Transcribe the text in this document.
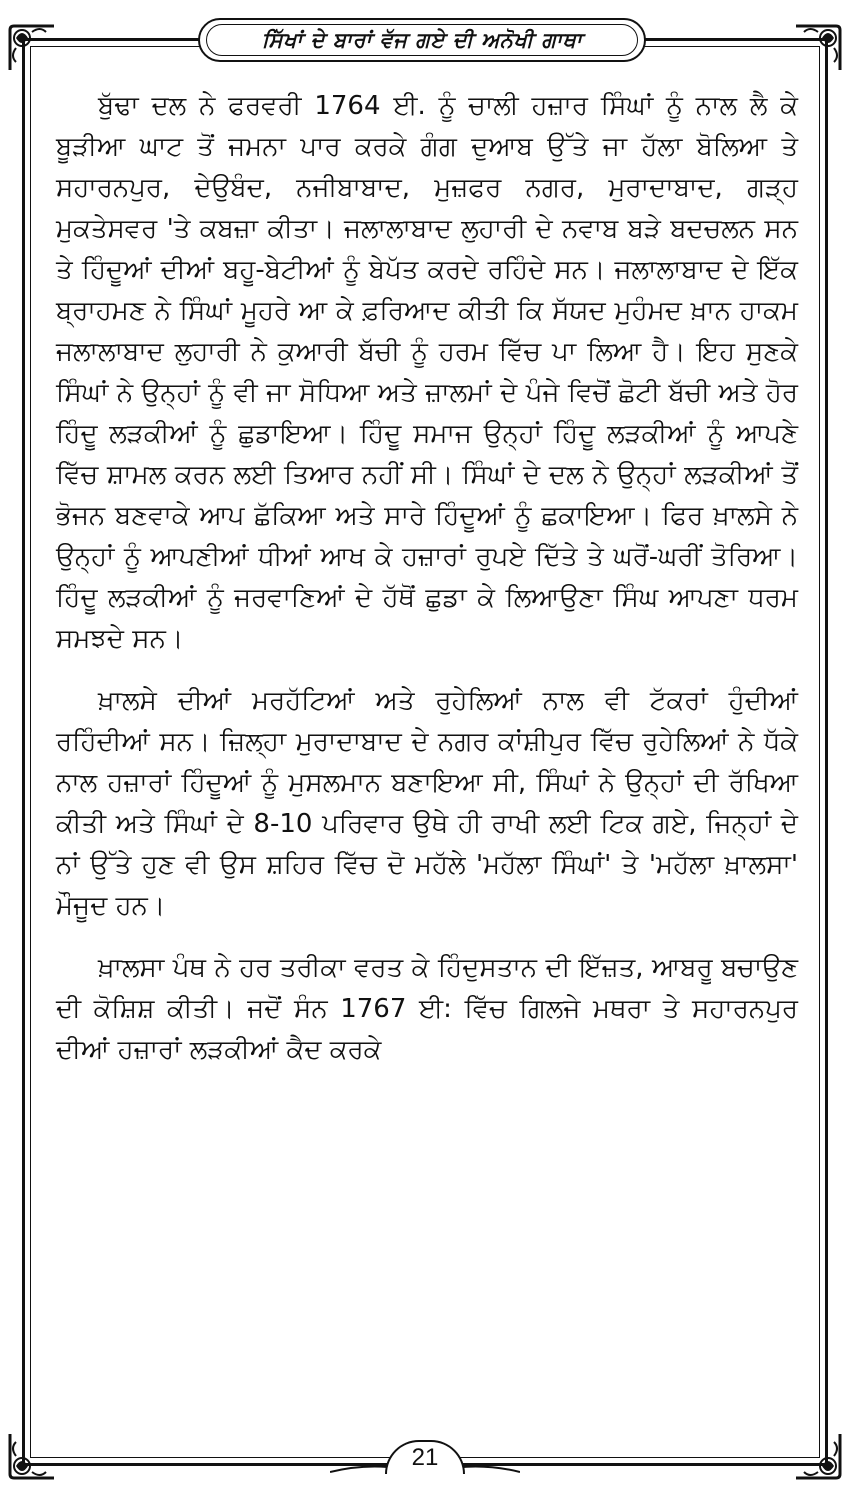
ਸਿੱਖਾਂ ਦੇ ਬਾਰਾਂ ਵੱਜ ਗਏ ਦੀ ਅਨੋਖੀ ਗਾਥਾ

ਬੁੱਢਾ ਦਲ ਨੇ ਫਰਵਰੀ 1764 ਈ. ਨੂੰ ਚਾਲੀ ਹਜ਼ਾਰ ਸਿੰਘਾਂ ਨੂੰ ਨਾਲ ਲੈ ਕੇ ਬੂੜੀਆ ਘਾਟ ਤੋਂ ਜਮਨਾ ਪਾਰ ਕਰਕੇ ਗੰਗ ਦੁਆਬ ਉੱਤੇ ਜਾ ਹੱਲਾ ਬੋਲਿਆ ਤੇ ਸਹਾਰਨਪੁਰ, ਦੇਉਬੰਦ, ਨਜੀਬਾਬਾਦ, ਮੁਜ਼ਫਰ ਨਗਰ, ਮੁਰਾਦਾਬਾਦ, ਗੜ੍ਹ ਮੁਕਤੇਸਵਰ 'ਤੇ ਕਬਜ਼ਾ ਕੀਤਾ। ਜਲਾਲਾਬਾਦ ਲੁਹਾਰੀ ਦੇ ਨਵਾਬ ਬੜੇ ਬਦਚਲਨ ਸਨ ਤੇ ਹਿੰਦੂਆਂ ਦੀਆਂ ਬਹੂ-ਬੇਟੀਆਂ ਨੂੰ ਬੇਪੱਤ ਕਰਦੇ ਰਹਿੰਦੇ ਸਨ। ਜਲਾਲਾਬਾਦ ਦੇ ਇੱਕ ਬ੍ਰਾਹਮਣ ਨੇ ਸਿੰਘਾਂ ਮੂਹਰੇ ਆ ਕੇ ਫ਼ਰਿਆਦ ਕੀਤੀ ਕਿ ਸੱਯਦ ਮੁਹੰਮਦ ਖ਼ਾਨ ਹਾਕਮ ਜਲਾਲਾਬਾਦ ਲੁਹਾਰੀ ਨੇ ਕੁਆਰੀ ਬੱਚੀ ਨੂੰ ਹਰਮ ਵਿੱਚ ਪਾ ਲਿਆ ਹੈ। ਇਹ ਸੁਣਕੇ ਸਿੰਘਾਂ ਨੇ ਉਨ੍ਹਾਂ ਨੂੰ ਵੀ ਜਾ ਸੋਧਿਆ ਅਤੇ ਜ਼ਾਲਮਾਂ ਦੇ ਪੰਜੇ ਵਿਚੋਂ ਛੋਟੀ ਬੱਚੀ ਅਤੇ ਹੋਰ ਹਿੰਦੂ ਲੜਕੀਆਂ ਨੂੰ ਛੁਡਾਇਆ। ਹਿੰਦੂ ਸਮਾਜ ਉਨ੍ਹਾਂ ਹਿੰਦੂ ਲੜਕੀਆਂ ਨੂੰ ਆਪਣੇ ਵਿੱਚ ਸ਼ਾਮਲ ਕਰਨ ਲਈ ਤਿਆਰ ਨਹੀਂ ਸੀ। ਸਿੰਘਾਂ ਦੇ ਦਲ ਨੇ ਉਨ੍ਹਾਂ ਲੜਕੀਆਂ ਤੋਂ ਭੋਜਨ ਬਣਵਾਕੇ ਆਪ ਛੱਕਿਆ ਅਤੇ ਸਾਰੇ ਹਿੰਦੂਆਂ ਨੂੰ ਛਕਾਇਆ। ਫਿਰ ਖ਼ਾਲਸੇ ਨੇ ਉਨ੍ਹਾਂ ਨੂੰ ਆਪਣੀਆਂ ਧੀਆਂ ਆਖ ਕੇ ਹਜ਼ਾਰਾਂ ਰੁਪਏ ਦਿੱਤੇ ਤੇ ਘਰੋਂ-ਘਰੀਂ ਤੋਰਿਆ। ਹਿੰਦੂ ਲੜਕੀਆਂ ਨੂੰ ਜਰਵਾਣਿਆਂ ਦੇ ਹੱਥੋਂ ਛੁਡਾ ਕੇ ਲਿਆਉਣਾ ਸਿੰਘ ਆਪਣਾ ਧਰਮ ਸਮਝਦੇ ਸਨ।

ਖ਼ਾਲਸੇ ਦੀਆਂ ਮਰਹੱਟਿਆਂ ਅਤੇ ਰੁਹੇਲਿਆਂ ਨਾਲ ਵੀ ਟੱਕਰਾਂ ਹੁੰਦੀਆਂ ਰਹਿੰਦੀਆਂ ਸਨ। ਜ਼ਿਲ੍ਹਾ ਮੁਰਾਦਾਬਾਦ ਦੇ ਨਗਰ ਕਾਂਸ਼ੀਪੁਰ ਵਿੱਚ ਰੁਹੇਲਿਆਂ ਨੇ ਧੱਕੇ ਨਾਲ ਹਜ਼ਾਰਾਂ ਹਿੰਦੂਆਂ ਨੂੰ ਮੁਸਲਮਾਨ ਬਣਾਇਆ ਸੀ, ਸਿੰਘਾਂ ਨੇ ਉਨ੍ਹਾਂ ਦੀ ਰੱਖਿਆ ਕੀਤੀ ਅਤੇ ਸਿੰਘਾਂ ਦੇ 8-10 ਪਰਿਵਾਰ ਉਥੇ ਹੀ ਰਾਖੀ ਲਈ ਟਿਕ ਗਏ, ਜਿਨ੍ਹਾਂ ਦੇ ਨਾਂ ਉੱਤੇ ਹੁਣ ਵੀ ਉਸ ਸ਼ਹਿਰ ਵਿੱਚ ਦੋ ਮਹੱਲੇ 'ਮਹੱਲਾ ਸਿੰਘਾਂ' ਤੇ 'ਮਹੱਲਾ ਖ਼ਾਲਸਾ' ਮੌਜੂਦ ਹਨ।

ਖ਼ਾਲਸਾ ਪੰਥ ਨੇ ਹਰ ਤਰੀਕਾ ਵਰਤ ਕੇ ਹਿੰਦੁਸਤਾਨ ਦੀ ਇੱਜ਼ਤ, ਆਬਰੂ ਬਚਾਉਣ ਦੀ ਕੋਸ਼ਿਸ਼ ਕੀਤੀ। ਜਦੋਂ ਸੰਨ 1767 ਈ: ਵਿੱਚ ਗਿਲਜੇ ਮਥਰਾ ਤੇ ਸਹਾਰਨਪੁਰ ਦੀਆਂ ਹਜ਼ਾਰਾਂ ਲੜਕੀਆਂ ਕੈਦ ਕਰਕੇ

21
